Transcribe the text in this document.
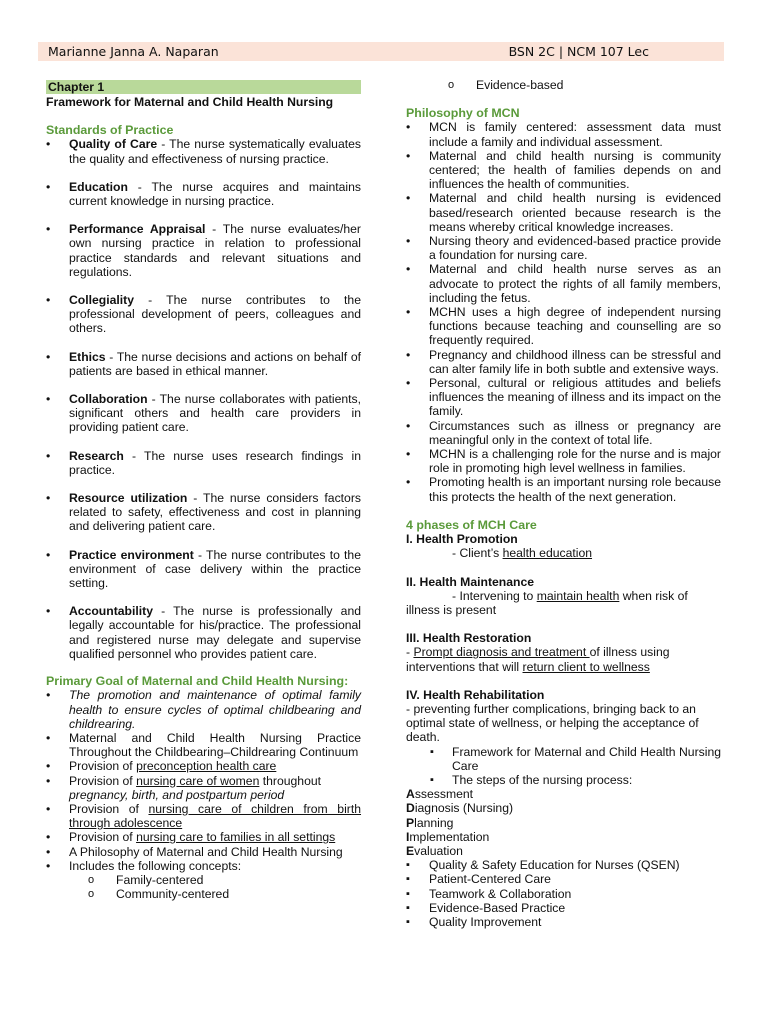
Marianne Janna A. Naparan	BSN 2C | NCM 107 Lec
Chapter 1
Framework for Maternal and Child Health Nursing
Standards of Practice
• Quality of Care - The nurse systematically evaluates the quality and effectiveness of nursing practice.
• Education - The nurse acquires and maintains current knowledge in nursing practice.
• Performance Appraisal - The nurse evaluates/her own nursing practice in relation to professional practice standards and relevant situations and regulations.
• Collegiality - The nurse contributes to the professional development of peers, colleagues and others.
• Ethics - The nurse decisions and actions on behalf of patients are based in ethical manner.
• Collaboration - The nurse collaborates with patients, significant others and health care providers in providing patient care.
• Research - The nurse uses research findings in practice.
• Resource utilization - The nurse considers factors related to safety, effectiveness and cost in planning and delivering patient care.
• Practice environment - The nurse contributes to the environment of case delivery within the practice setting.
• Accountability - The nurse is professionally and legally accountable for his/practice. The professional and registered nurse may delegate and supervise qualified personnel who provides patient care.
Primary Goal of Maternal and Child Health Nursing:
• The promotion and maintenance of optimal family health to ensure cycles of optimal childbearing and childrearing.
• Maternal and Child Health Nursing Practice Throughout the Childbearing–Childrearing Continuum
• Provision of preconception health care
• Provision of nursing care of women throughout
pregnancy, birth, and postpartum period
• Provision of nursing care of children from birth through adolescence
• Provision of nursing care to families in all settings
• A Philosophy of Maternal and Child Health Nursing
• Includes the following concepts:
o Family-centered
o Community-centered
o Evidence-based
Philosophy of MCN
• MCN is family centered: assessment data must include a family and individual assessment.
• Maternal and child health nursing is community centered; the health of families depends on and influences the health of communities.
• Maternal and child health nursing is evidenced based/research oriented because research is the means whereby critical knowledge increases.
• Nursing theory and evidenced-based practice provide a foundation for nursing care.
• Maternal and child health nurse serves as an advocate to protect the rights of all family members, including the fetus.
• MCHN uses a high degree of independent nursing functions because teaching and counselling are so frequently required.
• Pregnancy and childhood illness can be stressful and can alter family life in both subtle and extensive ways.
• Personal, cultural or religious attitudes and beliefs influences the meaning of illness and its impact on the family.
• Circumstances such as illness or pregnancy are meaningful only in the context of total life.
• MCHN is a challenging role for the nurse and is major role in promoting high level wellness in families.
• Promoting health is an important nursing role because this protects the health of the next generation.
4 phases of MCH Care
I. Health Promotion
- Client’s health education
II. Health Maintenance
- Intervening to maintain health when risk of illness is present
III. Health Restoration
- Prompt diagnosis and treatment of illness using interventions that will return client to wellness
IV. Health Rehabilitation
- preventing further complications, bringing back to an optimal state of wellness, or helping the acceptance of death.
▪ Framework for Maternal and Child Health Nursing Care
▪ The steps of the nursing process:
Assessment
Diagnosis (Nursing)
Planning
Implementation
Evaluation
▪ Quality & Safety Education for Nurses (QSEN)
▪ Patient-Centered Care
▪ Teamwork & Collaboration
▪ Evidence-Based Practice
▪ Quality Improvement
